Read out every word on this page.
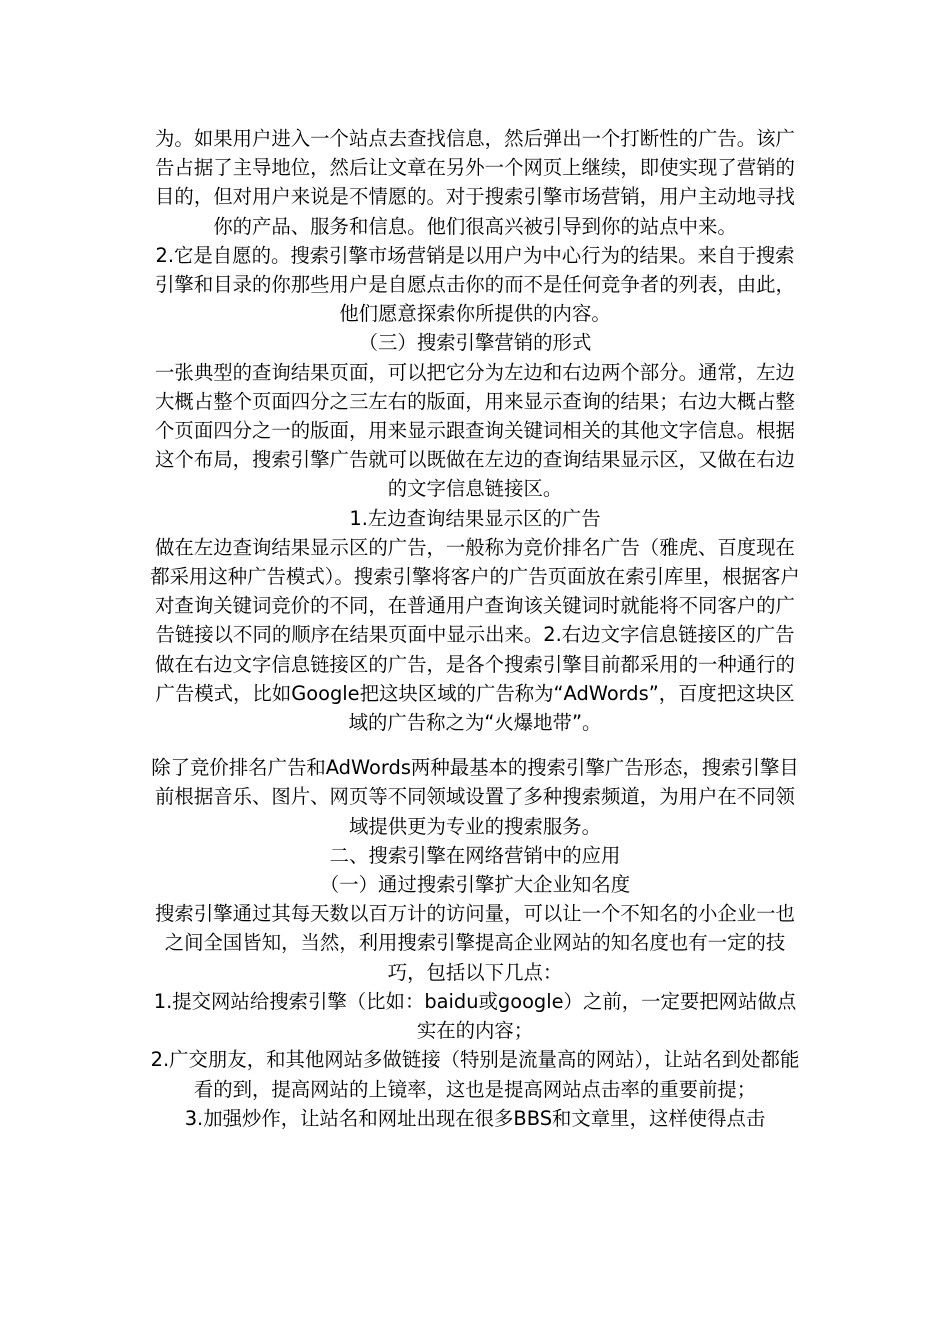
为。如果用户进入一个站点去查找信息，然后弹出一个打断性的广告。该广告占据了主导地位，然后让文章在另外一个网页上继续，即使实现了营销的目的，但对用户来说是不情愿的。对于搜索引擎市场营销，用户主动地寻找你的产品、服务和信息。他们很高兴被引导到你的站点中来。

2.它是自愿的。搜索引擎市场营销是以用户为中心行为的结果。来自于搜索引擎和目录的你那些用户是自愿点击你的而不是任何竞争者的列表，由此，他们愿意探索你所提供的内容。

（三）搜索引擎营销的形式

一张典型的查询结果页面，可以把它分为左边和右边两个部分。通常，左边大概占整个页面四分之三左右的版面，用来显示查询的结果；右边大概占整个页面四分之一的版面，用来显示跟查询关键词相关的其他文字信息。根据这个布局，搜索引擎广告就可以既做在左边的查询结果显示区，又做在右边的文字信息链接区。

1.左边查询结果显示区的广告

做在左边查询结果显示区的广告，一般称为竞价排名广告（雅虎、百度现在都采用这种广告模式）。搜索引擎将客户的广告页面放在索引库里，根据客户对查询关键词竞价的不同，在普通用户查询该关键词时就能将不同客户的广告链接以不同的顺序在结果页面中显示出来。2.右边文字信息链接区的广告

做在右边文字信息链接区的广告，是各个搜索引擎目前都采用的一种通行的广告模式，比如Google把这块区域的广告称为“AdWords”，百度把这块区域的广告称之为“火爆地带”。

除了竞价排名广告和AdWords两种最基本的搜索引擎广告形态，搜索引擎目前根据音乐、图片、网页等不同领域设置了多种搜索频道，为用户在不同领域提供更为专业的搜索服务。

二、搜索引擎在网络营销中的应用

（一）通过搜索引擎扩大企业知名度

搜索引擎通过其每天数以百万计的访问量，可以让一个不知名的小企业一也之间全国皆知，当然，利用搜索引擎提高企业网站的知名度也有一定的技巧，包括以下几点：

1.提交网站给搜索引擎（比如：baidu或google）之前，一定要把网站做点实在的内容；

2.广交朋友，和其他网站多做链接（特别是流量高的网站），让站名到处都能看的到，提高网站的上镜率，这也是提高网站点击率的重要前提；

3.加强炒作，让站名和网址出现在很多BBS和文章里，这样使得点击
